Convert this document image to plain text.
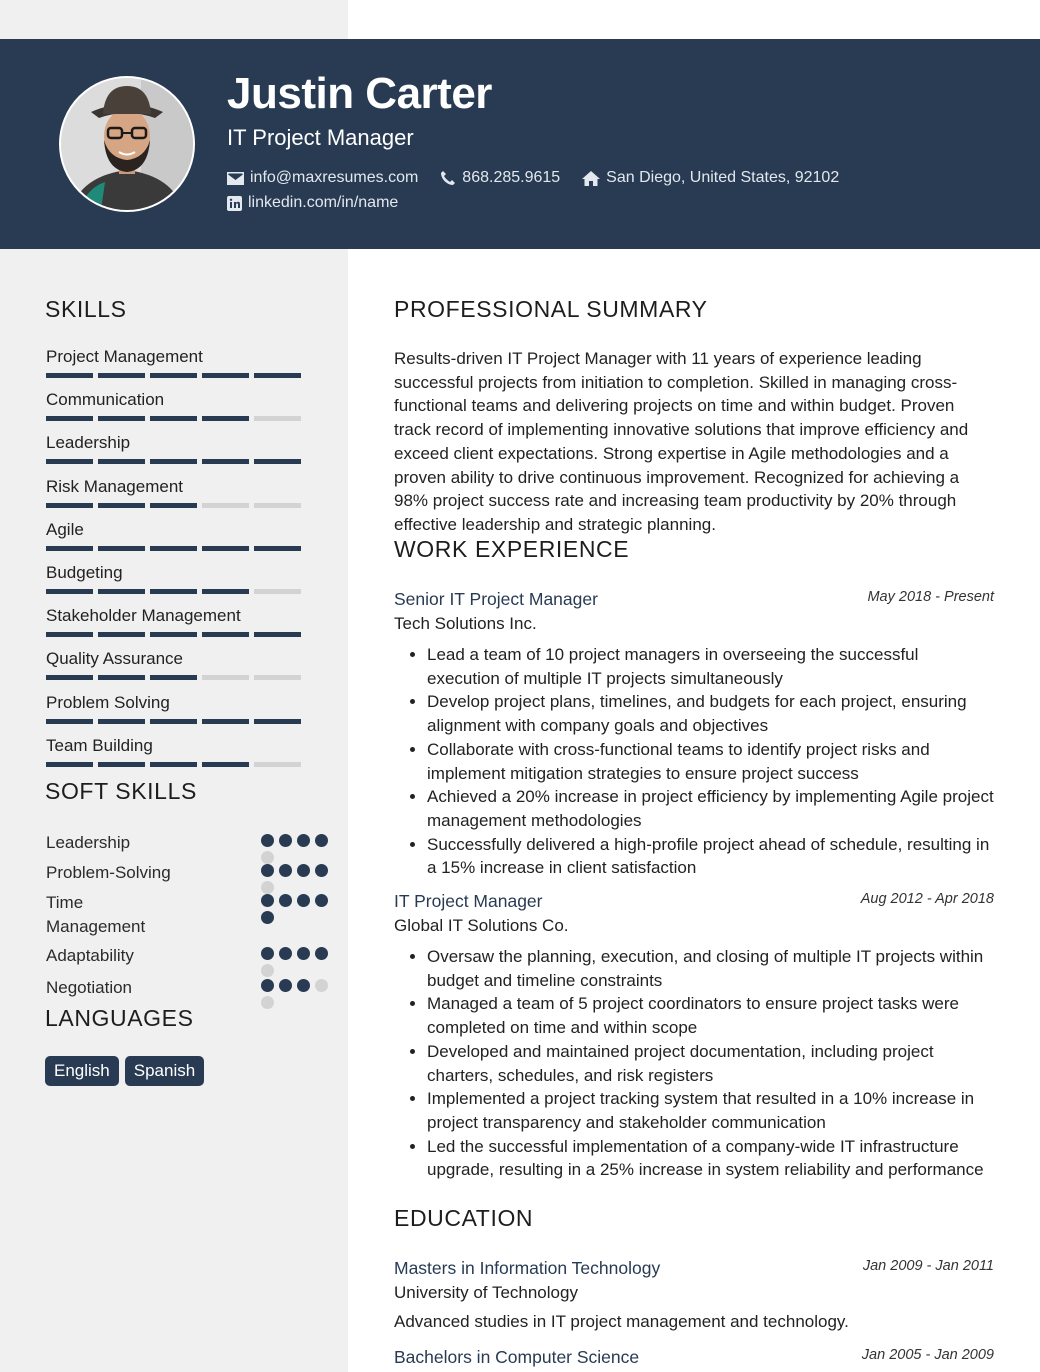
Justin Carter
IT Project Manager
info@maxresumes.com	868.285.9615	San Diego, United States, 92102
linkedin.com/in/name
SKILLS
Project Management
Communication
Leadership
Risk Management
Agile
Budgeting
Stakeholder Management
Quality Assurance
Problem Solving
Team Building
SOFT SKILLS
Leadership
Problem-Solving
Time Management
Adaptability
Negotiation
LANGUAGES
English	Spanish
PROFESSIONAL SUMMARY
Results-driven IT Project Manager with 11 years of experience leading successful projects from initiation to completion. Skilled in managing cross-functional teams and delivering projects on time and within budget. Proven track record of implementing innovative solutions that improve efficiency and exceed client expectations. Strong expertise in Agile methodologies and a proven ability to drive continuous improvement. Recognized for achieving a 98% project success rate and increasing team productivity by 20% through effective leadership and strategic planning.
WORK EXPERIENCE
Senior IT Project Manager	May 2018 - Present
Tech Solutions Inc.
• Lead a team of 10 project managers in overseeing the successful execution of multiple IT projects simultaneously
• Develop project plans, timelines, and budgets for each project, ensuring alignment with company goals and objectives
• Collaborate with cross-functional teams to identify project risks and implement mitigation strategies to ensure project success
• Achieved a 20% increase in project efficiency by implementing Agile project management methodologies
• Successfully delivered a high-profile project ahead of schedule, resulting in a 15% increase in client satisfaction
IT Project Manager	Aug 2012 - Apr 2018
Global IT Solutions Co.
• Oversaw the planning, execution, and closing of multiple IT projects within budget and timeline constraints
• Managed a team of 5 project coordinators to ensure project tasks were completed on time and within scope
• Developed and maintained project documentation, including project charters, schedules, and risk registers
• Implemented a project tracking system that resulted in a 10% increase in project transparency and stakeholder communication
• Led the successful implementation of a company-wide IT infrastructure upgrade, resulting in a 25% increase in system reliability and performance
EDUCATION
Masters in Information Technology	Jan 2009 - Jan 2011
University of Technology
Advanced studies in IT project management and technology.
Bachelors in Computer Science	Jan 2005 - Jan 2009
